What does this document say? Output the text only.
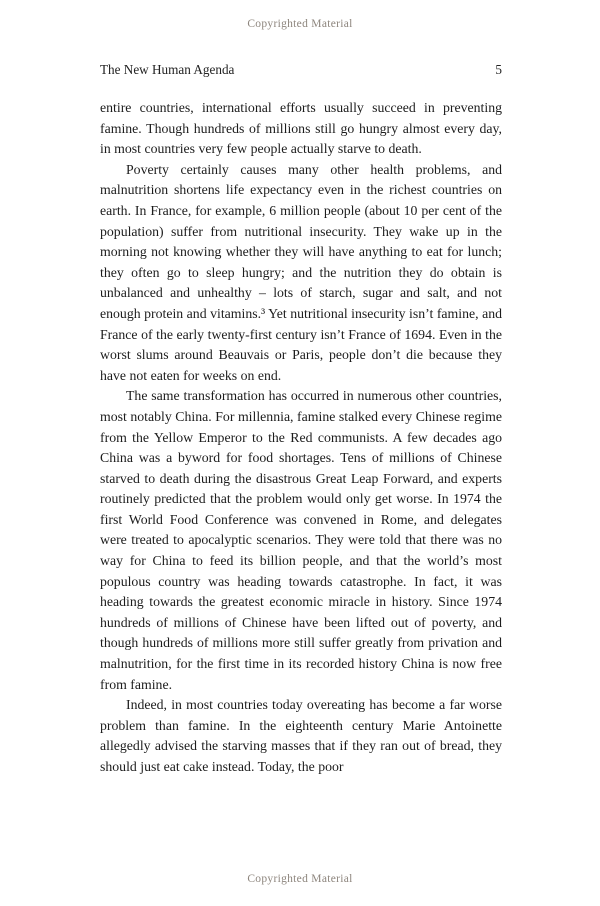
Copyrighted Material
The New Human Agenda	5

entire countries, international efforts usually succeed in preventing famine. Though hundreds of millions still go hungry almost every day, in most countries very few people actually starve to death.

Poverty certainly causes many other health problems, and malnutrition shortens life expectancy even in the richest countries on earth. In France, for example, 6 million people (about 10 per cent of the population) suffer from nutritional insecurity. They wake up in the morning not knowing whether they will have anything to eat for lunch; they often go to sleep hungry; and the nutrition they do obtain is unbalanced and unhealthy – lots of starch, sugar and salt, and not enough protein and vitamins.³ Yet nutritional insecurity isn’t famine, and France of the early twenty-first century isn’t France of 1694. Even in the worst slums around Beauvais or Paris, people don’t die because they have not eaten for weeks on end.

The same transformation has occurred in numerous other countries, most notably China. For millennia, famine stalked every Chinese regime from the Yellow Emperor to the Red communists. A few decades ago China was a byword for food shortages. Tens of millions of Chinese starved to death during the disastrous Great Leap Forward, and experts routinely predicted that the problem would only get worse. In 1974 the first World Food Conference was convened in Rome, and delegates were treated to apocalyptic scenarios. They were told that there was no way for China to feed its billion people, and that the world’s most populous country was heading towards catastrophe. In fact, it was heading towards the greatest economic miracle in history. Since 1974 hundreds of millions of Chinese have been lifted out of poverty, and though hundreds of millions more still suffer greatly from privation and malnutrition, for the first time in its recorded history China is now free from famine.

Indeed, in most countries today overeating has become a far worse problem than famine. In the eighteenth century Marie Antoinette allegedly advised the starving masses that if they ran out of bread, they should just eat cake instead. Today, the poor

Copyrighted Material
